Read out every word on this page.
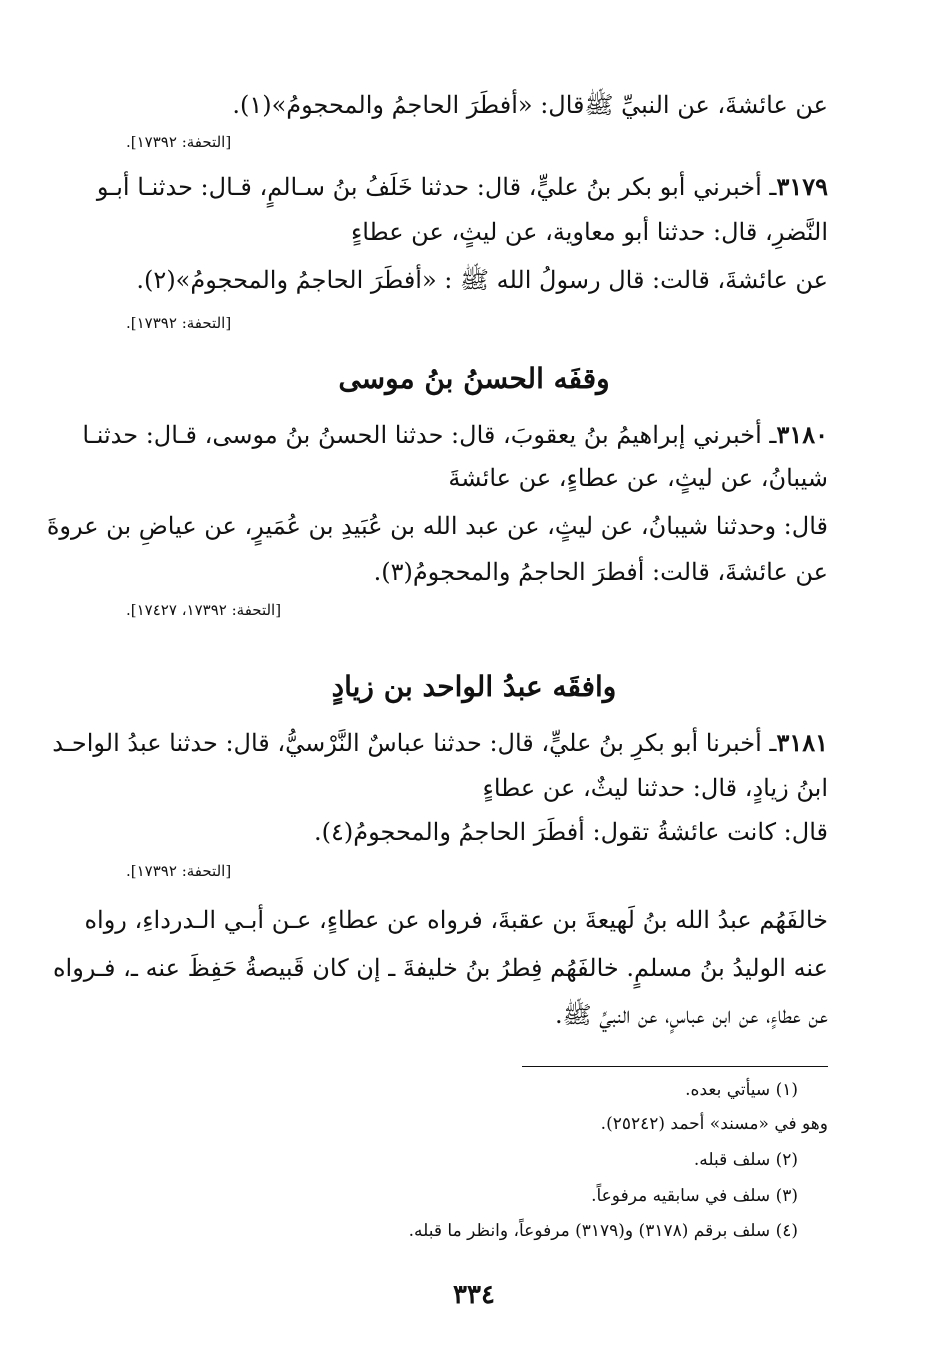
عن عائشةَ، عن النبيِّ ﷺقال: «أفطَرَ الحاجمُ والمحجومُ»(١).
[التحفة: ١٧٣٩٢].
٣١٧٩ـ أخبرني أبو بكر بنُ عليٍّ، قال: حدثنا خَلَفُ بنُ سـالمٍ، قـال: حدثنـا أبـو
النَّضرِ، قال: حدثنا أبو معاوية، عن ليثٍ، عن عطاءٍ
عن عائشةَ، قالت: قال رسولُ الله ﷺ : «أفطَرَ الحاجمُ والمحجومُ»(٢).
[التحفة: ١٧٣٩٢].
وقفَه الحسنُ بنُ موسى
٣١٨٠ـ أخبرني إبراهيمُ بنُ يعقوبَ، قال: حدثنا الحسنُ بنُ موسى، قـال: حدثنـا
شيبانُ، عن ليثٍ، عن عطاءٍ، عن عائشةَ
قال: وحدثنا شيبانُ، عن ليثٍ، عن عبد الله بن عُبَيدِ بن عُمَيرٍ، عن عياضِ بن عروةَ
عن عائشةَ، قالت: أفطرَ الحاجمُ والمحجومُ(٣).
[التحفة: ١٧٣٩٢، ١٧٤٢٧].
وافقَه عبدُ الواحد بن زيادٍ
٣١٨١ـ أخبرنا أبو بكرِ بنُ عليٍّ، قال: حدثنا عباسٌ النَّرْسيُّ، قال: حدثنا عبدُ الواحـد
ابنُ زيادٍ، قال: حدثنا ليثٌ، عن عطاءٍ
قال: كانت عائشةُ تقول: أفطَرَ الحاجمُ والمحجومُ(٤).
[التحفة: ١٧٣٩٢].
خالفَهُم عبدُ الله بنُ لَهيعةَ بن عقبةَ، فرواه عن عطاءٍ، عـن أبـي الـدرداءِ، رواه
عنه الوليدُ بنُ مسلمٍ. خالفَهُم فِطرُ بنُ خليفةَ ـ إن كان قَبيصةُ حَفِظَ عنه ـ، فـرواه
عن عطاءٍ، عن ابن عباسٍ، عن النبيِّ ﷺ.
(١) سيأتي بعده.
وهو في «مسند» أحمد (٢٥٢٤٢).
(٢) سلف قبله.
(٣) سلف في سابقيه مرفوعاً.
(٤) سلف برقم (٣١٧٨) و(٣١٧٩) مرفوعاً، وانظر ما قبله.
٣٣٤
